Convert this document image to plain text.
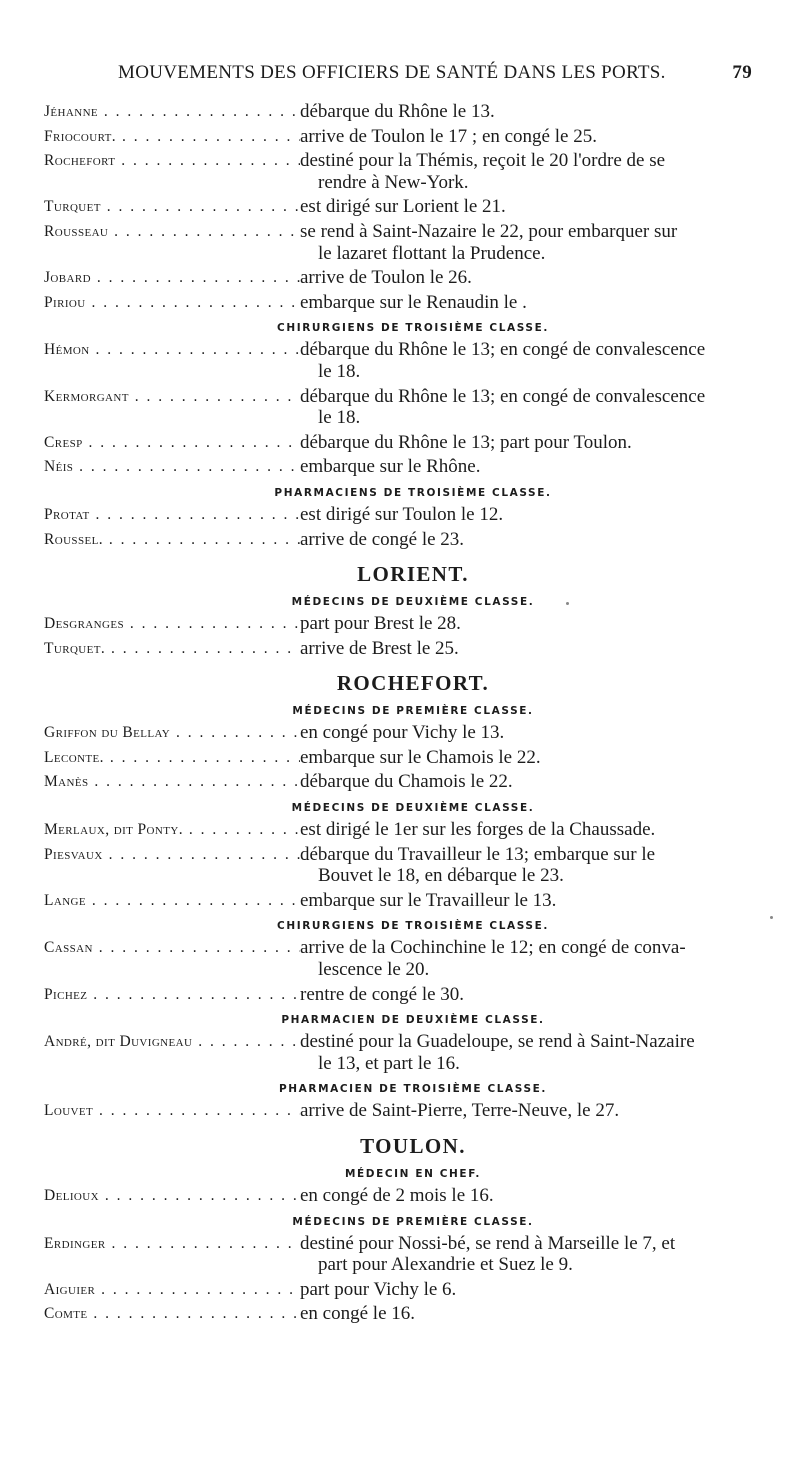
MOUVEMENTS DES OFFICIERS DE SANTÉ DANS LES PORTS.	79
Jéhanne . . .	débarque du Rhône le 13.
Friocourt. . . .	arrive de Toulon le 17 ; en congé le 25.
Rochefort . . .	destiné pour la Thémis, reçoit le 20 l'ordre de se
rendre à New-York.
Turquet . . .	est dirigé sur Lorient le 21.
Rousseau . . .	se rend à Saint-Nazaire le 22, pour embarquer sur
le lazaret flottant la Prudence.
Jobard . . .	arrive de Toulon le 26.
Piriou . . .	embarque sur le Renaudin le .
CHIRURGIENS DE TROISIÈME CLASSE.
Hémon . . .	débarque du Rhône le 13; en congé de convalescence
le 18.
Kermorgant . . .	débarque du Rhône le 13; en congé de convalescence
le 18.
Cresp . . .	débarque du Rhône le 13; part pour Toulon.
Néis . . .	embarque sur le Rhône.
PHARMACIENS DE TROISIÈME CLASSE.
Protat . . .	est dirigé sur Toulon le 12.
Roussel. . . .	arrive de congé le 23.
LORIENT.
MÉDECINS DE DEUXIÈME CLASSE.
Desgranges . . .	part pour Brest le 28.
Turquet. . . .	arrive de Brest le 25.
ROCHEFORT.
MÉDECINS DE PREMIÈRE CLASSE.
Griffon du Bellay . . .	en congé pour Vichy le 13.
Leconte. . . .	embarque sur le Chamois le 22.
Manès . . .	débarque du Chamois le 22.
MÉDECINS DE DEUXIÈME CLASSE.
Merlaux, dit Ponty. . . .	est dirigé le 1er sur les forges de la Chaussade.
Piesvaux . . .	débarque du Travailleur le 13; embarque sur le
Bouvet le 18, en débarque le 23.
Lange . . .	embarque sur le Travailleur le 13.
CHIRURGIENS DE TROISIÈME CLASSE.
Cassan . . .	arrive de la Cochinchine le 12; en congé de conva-
lescence le 20.
Pichez . . .	rentre de congé le 30.
PHARMACIEN DE DEUXIÈME CLASSE.
André, dit Duvigneau . . .	destiné pour la Guadeloupe, se rend à Saint-Nazaire
le 13, et part le 16.
PHARMACIEN DE TROISIÈME CLASSE.
Louvet . . .	arrive de Saint-Pierre, Terre-Neuve, le 27.
TOULON.
MÉDECIN EN CHEF.
Delioux . . .	en congé de 2 mois le 16.
MÉDECINS DE PREMIÈRE CLASSE.
Erdinger . . .	destiné pour Nossi-bé, se rend à Marseille le 7, et
part pour Alexandrie et Suez le 9.
Aiguier . . .	part pour Vichy le 6.
Comte . . .	en congé le 16.
